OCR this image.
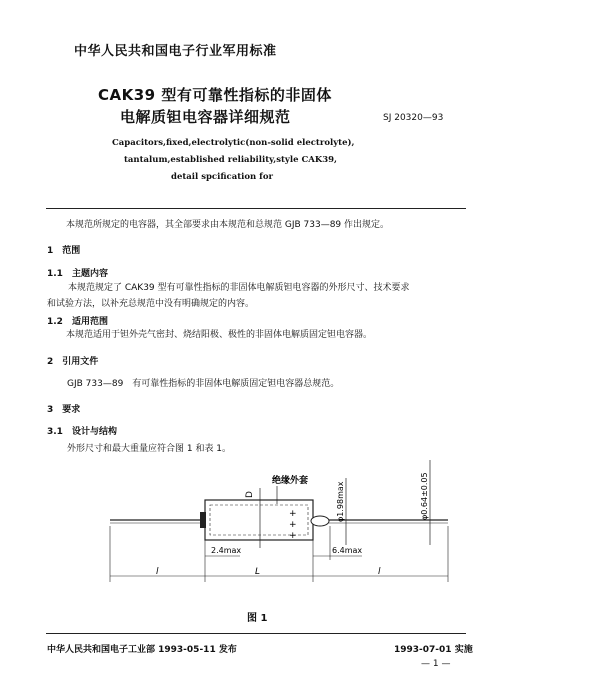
中华人民共和国电子行业军用标准
CAK39 型有可靠性指标的非固体
电解质钽电容器详细规范	SJ 20320—93
Capacitors,fixed,electrolytic(non-solid electrolyte),
tantalum,established reliability,style CAK39,
detail spcification for
本规范所规定的电容器，其全部要求由本规范和总规范 GJB 733—89 作出规定。
1　范围
1.1　主题内容
本规范规定了 CAK39 型有可靠性指标的非固体电解质钽电容器的外形尺寸、技术要求
和试验方法，以补充总规范中没有明确规定的内容。
1.2　适用范围
本规范适用于钽外壳气密封、烧结阳极、极性的非固体电解质固定钽电容器。
2　引用文件
GJB 733—89　有可靠性指标的非固体电解质固定钽电容器总规范。
3　要求
3.1　设计与结构
外形尺寸和最大重量应符合图 1 和表 1。
+
+
+
D
绝缘外套
φ1.98max	φ0.64±0.05
2.4max	6.4max
l	L	l
图 1
中华人民共和国电子工业部 1993-05-11 发布	1993-07-01 实施
— 1 —
